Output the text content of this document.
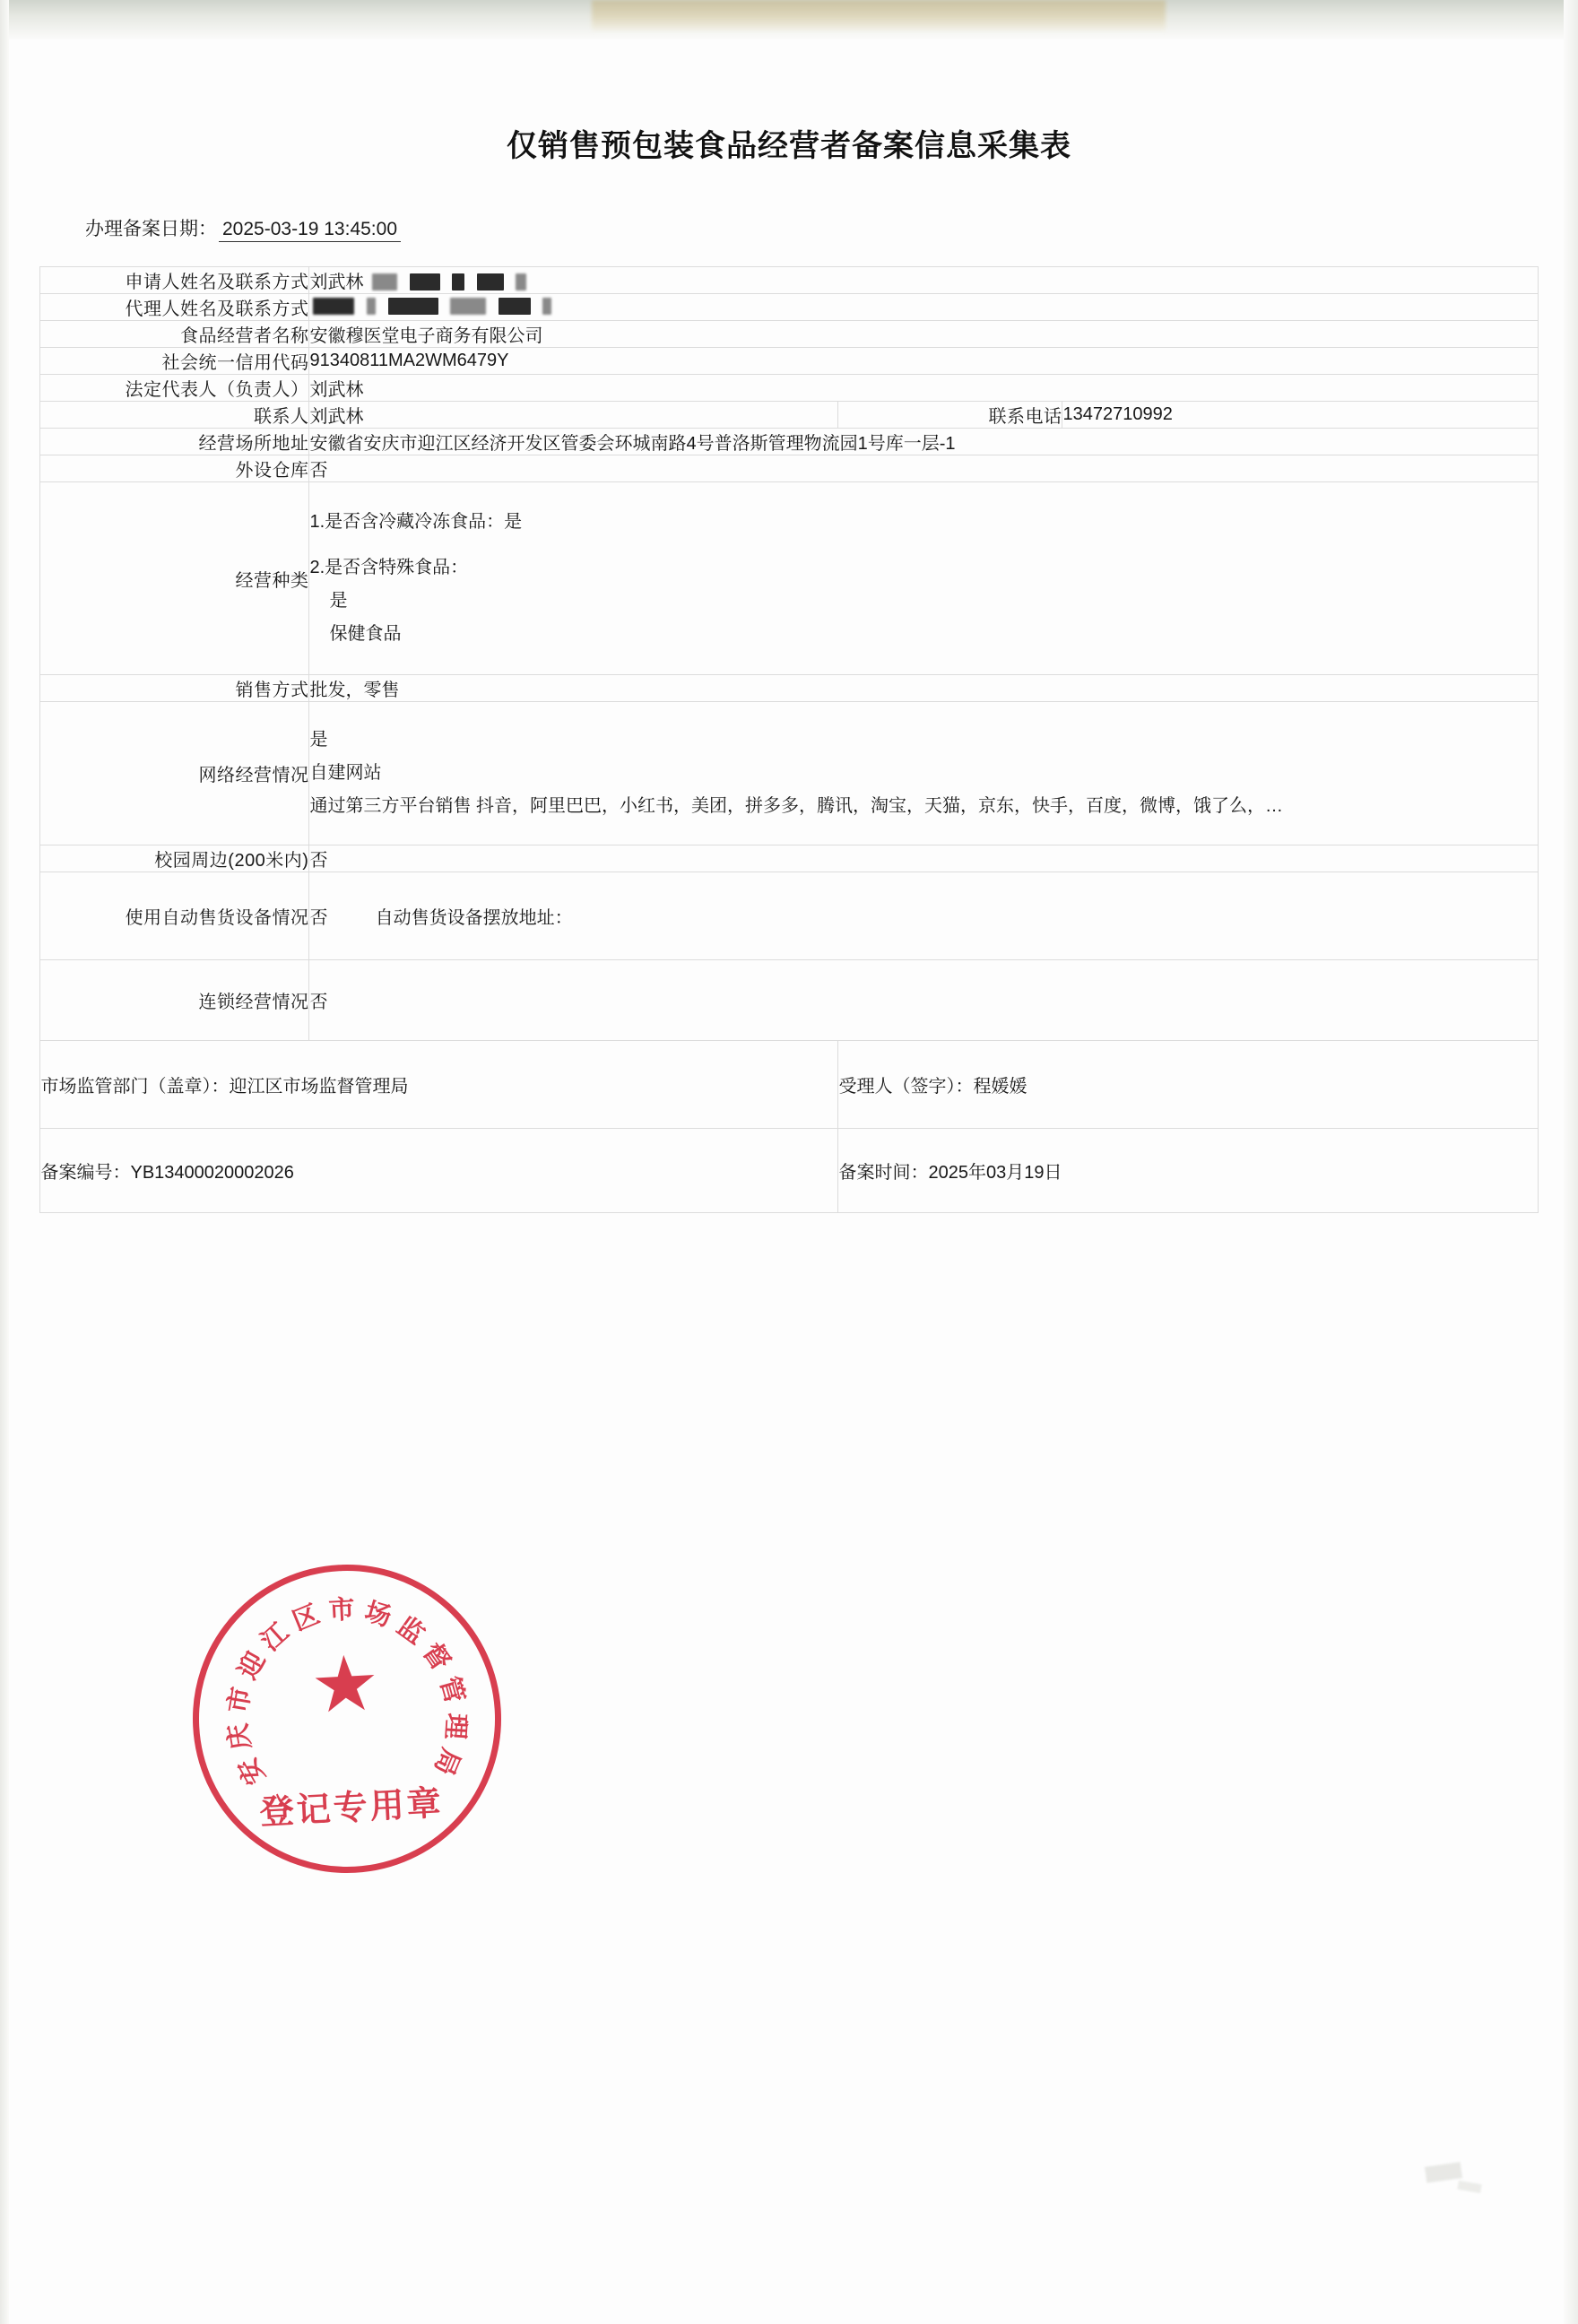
仅销售预包装食品经营者备案信息采集表
办理备案日期： 2025-03-19 13:45:00
申请人姓名及联系方式	刘武林		
代理人姓名及联系方式			
食品经营者名称	安徽穆医堂电子商务有限公司		
社会统一信用代码	91340811MA2WM6479Y		
法定代表人（负责人）	刘武林		
联系人	刘武林	联系电话	13472710992
经营场所地址	安徽省安庆市迎江区经济开发区管委会环城南路4号普洛斯管理物流园1号库一层-1		
外设仓库	否		
经营种类	1.是否含冷藏冷冻食品：是
2.是否含特殊食品：
是
保健食品		

销售方式	批发，零售		
网络经营情况	是
自建网站
通过第三方平台销售 抖音，阿里巴巴，小红书，美团，拼多多，腾讯，淘宝，天猫，京东，快手，百度，微博，饿了么，…		

校园周边(200米内)	否		
使用自动售货设备情况	否 自动售货设备摆放地址：		
连锁经营情况	否		
市场监管部门（盖章）：迎江区市场监督管理局		受理人（签字）：程媛媛	
备案编号：YB13400020002026		备案时间：2025年03月19日	
安
庆
市
迎
江
区 市 场
监
督
管
理
局
★
登记专用章
